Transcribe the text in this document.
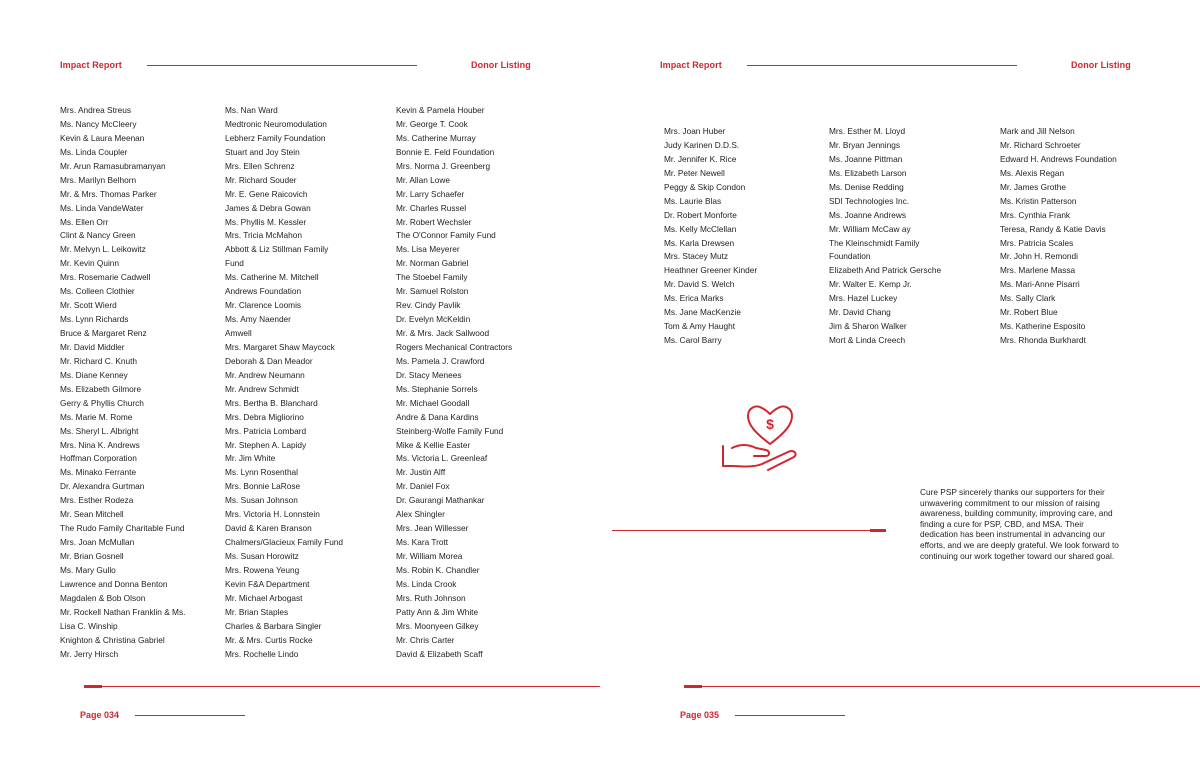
Impact Report	Donor Listing
Mrs. Andrea Streus
Ms. Nancy McCleery
Kevin & Laura Meenan
Ms. Linda Coupler
Mr. Arun Ramasubramanyan
Mrs. Marilyn Belhorn
Mr. & Mrs. Thomas Parker
Ms. Linda VandeWater
Ms. Ellen Orr
Clint & Nancy Green
Mr. Melvyn L. Leikowitz
Mr. Kevin Quinn
Mrs. Rosemarie Cadwell
Ms. Colleen Clothier
Mr. Scott Wierd
Ms. Lynn Richards
Bruce & Margaret Renz
Mr. David Middler
Mr. Richard C. Knuth
Ms. Diane Kenney
Ms. Elizabeth Gilmore
Gerry & Phyllis Church
Ms. Marie M. Rome
Ms. Sheryl L. Albright
Mrs. Nina K. Andrews
Hoffman Corporation
Ms. Minako Ferrante
Dr. Alexandra Gurtman
Mrs. Esther Rodeza
Mr. Sean Mitchell
The Rudo Family Charitable Fund
Mrs. Joan McMullan
Mr. Brian Gosnell
Ms. Mary Gullo
Lawrence and Donna Benton
Magdalen & Bob Olson
Mr. Rockell Nathan Franklin & Ms.
Lisa C. Winship
Knighton & Christina Gabriel
Mr. Jerry Hirsch
Ms. Nan Ward
Medtronic Neuromodulation
Lebherz Family Foundation
Stuart and Joy Stein
Mrs. Ellen Schrenz
Mr. Richard Souder
Mr. E. Gene Raicovich
James & Debra Gowan
Ms. Phyllis M. Kessler
Mrs. Tricia McMahon
Abbott & Liz Stillman Family
Fund
Ms. Catherine M. Mitchell
Andrews Foundation
Mr. Clarence Loomis
Ms. Amy Naender
Amwell
Mrs. Margaret Shaw Maycock
Deborah & Dan Meador
Mr. Andrew Neumann
Mr. Andrew Schmidt
Mrs. Bertha B. Blanchard
Mrs. Debra Migliorino
Mrs. Patricia Lombard
Mr. Stephen A. Lapidy
Mr. Jim White
Ms. Lynn Rosenthal
Mrs. Bonnie LaRose
Ms. Susan Johnson
Mrs. Victoria H. Lonnstein
David & Karen Branson
Chalmers/Glacieux Family Fund
Ms. Susan Horowitz
Mrs. Rowena Yeung
Kevin F&A Department
Mr. Michael Arbogast
Mr. Brian Staples
Charles & Barbara Singler
Mr. & Mrs. Curtis Rocke
Mrs. Rochelle Lindo
Kevin & Pamela Houber
Mr. George T. Cook
Ms. Catherine Murray
Bonnie E. Feld Foundation
Mrs. Norma J. Greenberg
Mr. Allan Lowe
Mr. Larry Schaefer
Mr. Charles Russel
Mr. Robert Wechsler
The O'Connor Family Fund
Ms. Lisa Meyerer
Mr. Norman Gabriel
The Stoebel Family
Mr. Samuel Rolston
Rev. Cindy Pavlik
Dr. Evelyn McKeldin
Mr. & Mrs. Jack Sallwood
Rogers Mechanical Contractors
Ms. Pamela J. Crawford
Dr. Stacy Menees
Ms. Stephanie Sorrels
Mr. Michael Goodall
Andre & Dana Kardins
Steinberg-Wolfe Family Fund
Mike & Kellie Easter
Ms. Victoria L. Greenleaf
Mr. Justin Alff
Mr. Daniel Fox
Dr. Gaurangi Mathankar
Alex Shingler
Mrs. Jean Willesser
Ms. Kara Trott
Mr. William Morea
Ms. Robin K. Chandler
Ms. Linda Crook
Mrs. Ruth Johnson
Patty Ann & Jim White
Mrs. Moonyeen Gilkey
Mr. Chris Carter
David & Elizabeth Scaff
Page 034
Impact Report	Donor Listing
Mrs. Joan Huber
Judy Karinen D.D.S.
Mr. Jennifer K. Rice
Mr. Peter Newell
Peggy & Skip Condon
Ms. Laurie Blas
Dr. Robert Monforte
Ms. Kelly McClellan
Ms. Karla Drewsen
Mrs. Stacey Mutz
Heathner Greener Kinder
Mr. David S. Welch
Ms. Erica Marks
Ms. Jane MacKenzie
Tom & Amy Haught
Ms. Carol Barry
Mrs. Esther M. Lloyd
Mr. Bryan Jennings
Ms. Joanne Pittman
Ms. Elizabeth Larson
Ms. Denise Redding
SDI Technologies Inc.
Ms. Joanne Andrews
Mr. William McCaw ay
The Kleinschmidt Family
Foundation
Elizabeth And Patrick Gersche
Mr. Walter E. Kemp Jr.
Mrs. Hazel Luckey
Mr. David Chang
Jim & Sharon Walker
Mort & Linda Creech
Mark and Jill Nelson
Mr. Richard Schroeter
Edward H. Andrews Foundation
Ms. Alexis Regan
Mr. James Grothe
Ms. Kristin Patterson
Mrs. Cynthia Frank
Teresa, Randy & Katie Davis
Mrs. Patricia Scales
Mr. John H. Remondi
Mrs. Marlene Massa
Ms. Mari-Anne Pisarri
Ms. Sally Clark
Mr. Robert Blue
Ms. Katherine Esposito
Mrs. Rhonda Burkhardt
Page 035
$

Cure PSP sincerely thanks our supporters for their unwavering commitment to our mission of raising awareness, building community, improving care, and finding a cure for PSP, CBD, and MSA. Their dedication has been instrumental in advancing our efforts, and we are deeply grateful. We look forward to continuing our work together toward our shared goal.
